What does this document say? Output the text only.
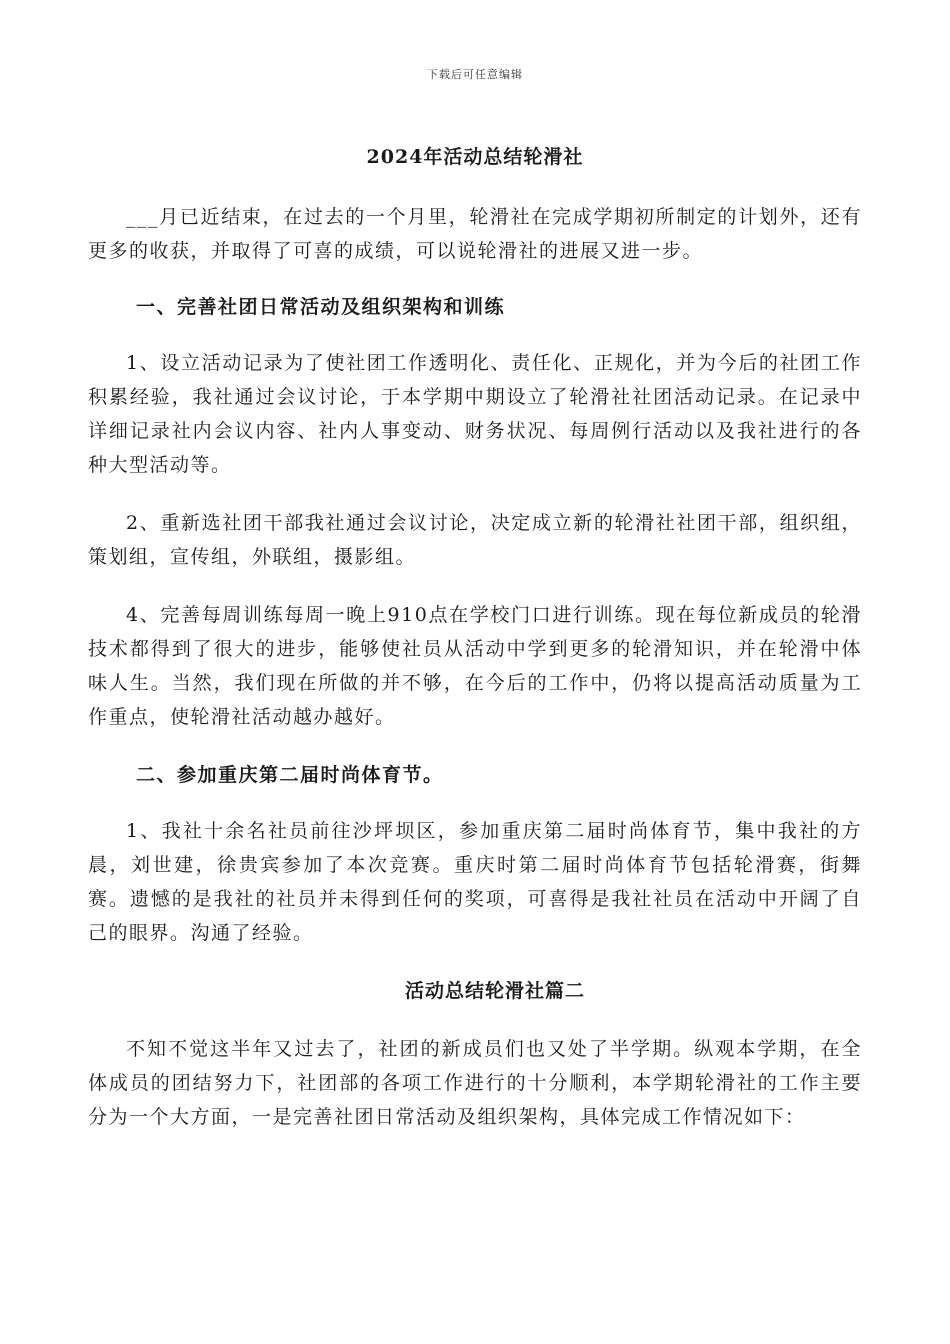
下载后可任意编辑
2024年活动总结轮滑社

___月已近结束，在过去的一个月里，轮滑社在完成学期初所制定的计划外，还有更多的收获，并取得了可喜的成绩，可以说轮滑社的进展又进一步。

一、完善社团日常活动及组织架构和训练

1、设立活动记录为了使社团工作透明化、责任化、正规化，并为今后的社团工作积累经验，我社通过会议讨论，于本学期中期设立了轮滑社社团活动记录。在记录中详细记录社内会议内容、社内人事变动、财务状况、每周例行活动以及我社进行的各种大型活动等。

2、重新选社团干部我社通过会议讨论，决定成立新的轮滑社社团干部，组织组，策划组，宣传组，外联组，摄影组。

4、完善每周训练每周一晚上910点在学校门口进行训练。现在每位新成员的轮滑技术都得到了很大的进步，能够使社员从活动中学到更多的轮滑知识，并在轮滑中体味人生。当然，我们现在所做的并不够，在今后的工作中，仍将以提高活动质量为工作重点，使轮滑社活动越办越好。

二、参加重庆第二届时尚体育节。

1、我社十余名社员前往沙坪坝区，参加重庆第二届时尚体育节，集中我社的方晨，刘世建，徐贵宾参加了本次竞赛。重庆时第二届时尚体育节包括轮滑赛，街舞赛。遗憾的是我社的社员并未得到任何的奖项，可喜得是我社社员在活动中开阔了自己的眼界。沟通了经验。

活动总结轮滑社篇二

不知不觉这半年又过去了，社团的新成员们也又处了半学期。纵观本学期，在全体成员的团结努力下，社团部的各项工作进行的十分顺利，本学期轮滑社的工作主要分为一个大方面，一是完善社团日常活动及组织架构，具体完成工作情况如下：
